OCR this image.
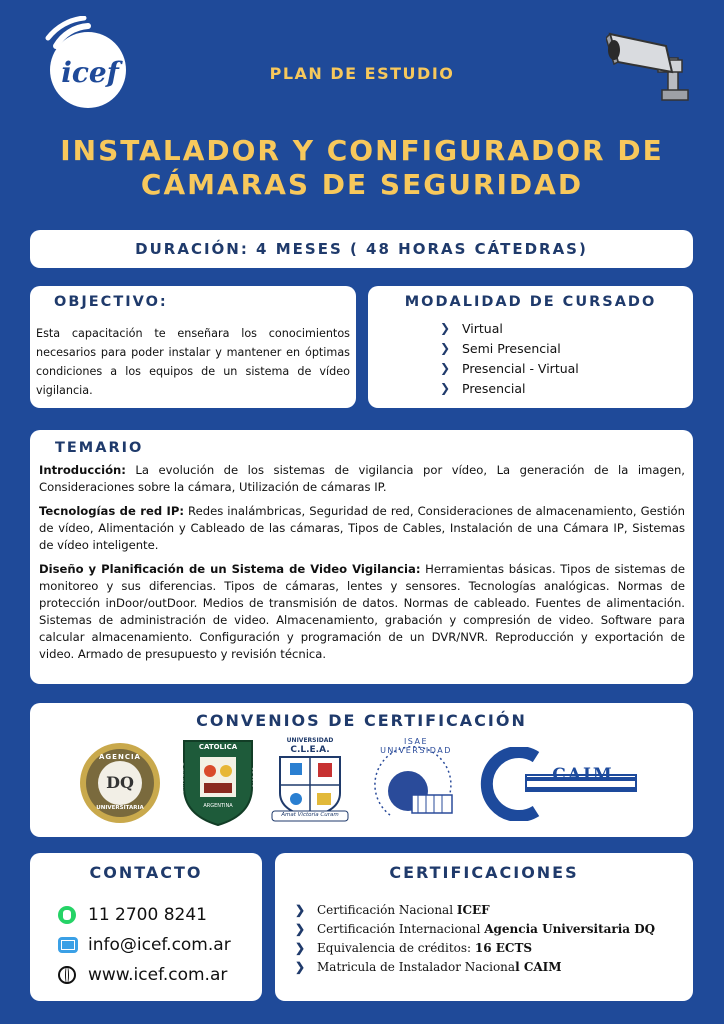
icef	PLAN DE ESTUDIO
INSTALADOR Y CONFIGURADOR DE
CÁMARAS DE SEGURIDAD
DURACIÓN: 4 MESES ( 48 HORAS CÁTEDRAS)
OBJECTIVO:

Esta capacitación te enseñara los conocimientos necesarios para poder instalar y mantener en óptimas condiciones a los equipos de un sistema de vídeo vigilancia.

MODALIDAD DE CURSADO
❯ Virtual
❯ Semi Presencial
❯ Presencial - Virtual
❯ Presencial
TEMARIO

Introducción: La evolución de los sistemas de vigilancia por vídeo, La generación de la imagen, Consideraciones sobre la cámara, Utilización de cámaras IP.

Tecnologías de red IP: Redes inalámbricas, Seguridad de red, Consideraciones de almacenamiento, Gestión de vídeo, Alimentación y Cableado de las cámaras, Tipos de Cables, Instalación de una Cámara IP, Sistemas de vídeo inteligente.

Diseño y Planificación de un Sistema de Video Vigilancia: Herramientas básicas. Tipos de sistemas de monitoreo y sus diferencias. Tipos de cámaras, lentes y sensores. Tecnologías analógicas. Normas de protección inDoor/outDoor. Medios de transmisión de datos. Normas de cableado. Fuentes de alimentación. Sistemas de administración de video. Almacenamiento, grabación y compresión de video. Software para calcular almacenamiento. Configuración y programación de un DVR/NVR. Reproducción y exportación de video. Armado de presupuesto y revisión técnica.

CONVENIOS DE CERTIFICACIÓN
AGENCIA
DQ
UNIVERSITARIA
CATOLICA
UNIVERSIDAD	DE CUYO
ARGENTINA
UNIVERSIDAD
C.L.E.A.
Amat Victoria Curam
ISAE UNIVERSIDAD
CAIM
CONTACTO
11 2700 8241
info@icef.com.ar
www.icef.com.ar
CERTIFICACIONES
❯ Certificación Nacional ICEF
❯ Certificación Internacional Agencia Universitaria DQ
❯ Equivalencia de créditos: 16 ECTS
❯ Matricula de Instalador Naciona l CAIM
